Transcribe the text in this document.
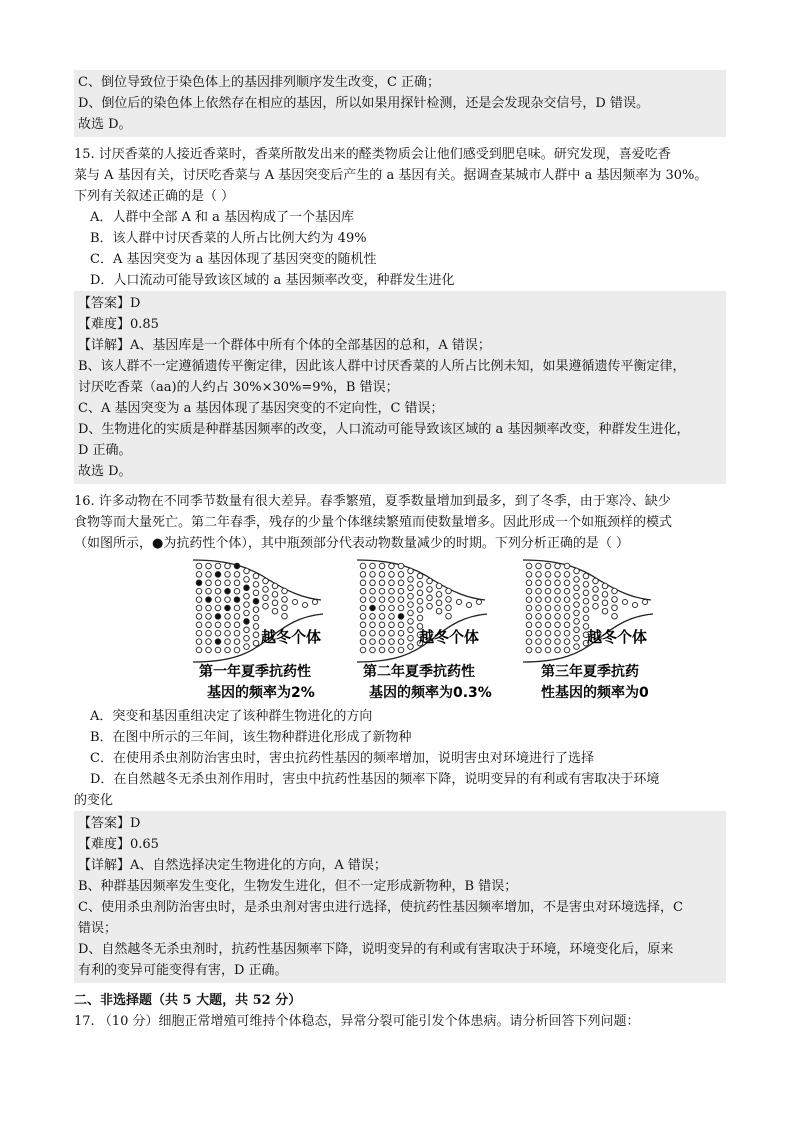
C、倒位导致位于染色体上的基因排列顺序发生改变，C 正确；
D、倒位后的染色体上依然存在相应的基因，所以如果用探针检测，还是会发现杂交信号，D 错误。
故选 D。
15. 讨厌香菜的人接近香菜时，香菜所散发出来的醛类物质会让他们感受到肥皂味。研究发现，喜爱吃香
菜与 A 基因有关，讨厌吃香菜与 A 基因突变后产生的 a 基因有关。据调查某城市人群中 a 基因频率为 30%。
下列有关叙述正确的是（ ）
A．人群中全部 A 和 a 基因构成了一个基因库
B．该人群中讨厌香菜的人所占比例大约为 49%
C．A 基因突变为 a 基因体现了基因突变的随机性
D．人口流动可能导致该区域的 a 基因频率改变，种群发生进化
【答案】D
【难度】0.85
【详解】A、基因库是一个群体中所有个体的全部基因的总和，A 错误；
B、该人群不一定遵循遗传平衡定律，因此该人群中讨厌香菜的人所占比例未知，如果遵循遗传平衡定律，
讨厌吃香菜（aa)的人约占 30%×30%=9%，B 错误；
C、A 基因突变为 a 基因体现了基因突变的不定向性，C 错误；
D、生物进化的实质是种群基因频率的改变，人口流动可能导致该区域的 a 基因频率改变，种群发生进化，
D 正确。
故选 D。
16. 许多动物在不同季节数量有很大差异。春季繁殖，夏季数量增加到最多，到了冬季，由于寒冷、缺少
食物等而大量死亡。第二年春季，残存的少量个体继续繁殖而使数量增多。因此形成一个如瓶颈样的模式
（如图所示，●为抗药性个体），其中瓶颈部分代表动物数量减少的时期。下列分析正确的是（ ）
越冬个体	越冬个体	越冬个体
第一年夏季抗药性
基因的频率为2%
第二年夏季抗药性
基因的频率为0.3%
第三年夏季抗药
性基因的频率为0
A．突变和基因重组决定了该种群生物进化的方向
B．在图中所示的三年间，该生物种群进化形成了新物种
C．在使用杀虫剂防治害虫时，害虫抗药性基因的频率增加，说明害虫对环境进行了选择
D．在自然越冬无杀虫剂作用时，害虫中抗药性基因的频率下降，说明变异的有利或有害取决于环境
的变化
【答案】D
【难度】0.65
【详解】A、自然选择决定生物进化的方向，A 错误；
B、种群基因频率发生变化，生物发生进化，但不一定形成新物种，B 错误；
C、使用杀虫剂防治害虫时，是杀虫剂对害虫进行选择，使抗药性基因频率增加，不是害虫对环境选择，C
错误；
D、自然越冬无杀虫剂时，抗药性基因频率下降，说明变异的有利或有害取决于环境，环境变化后，原来
有利的变异可能变得有害，D 正确。
二、非选择题（共 5 大题，共 52 分）
17. （10 分）细胞正常增殖可维持个体稳态，异常分裂可能引发个体患病。请分析回答下列问题：
